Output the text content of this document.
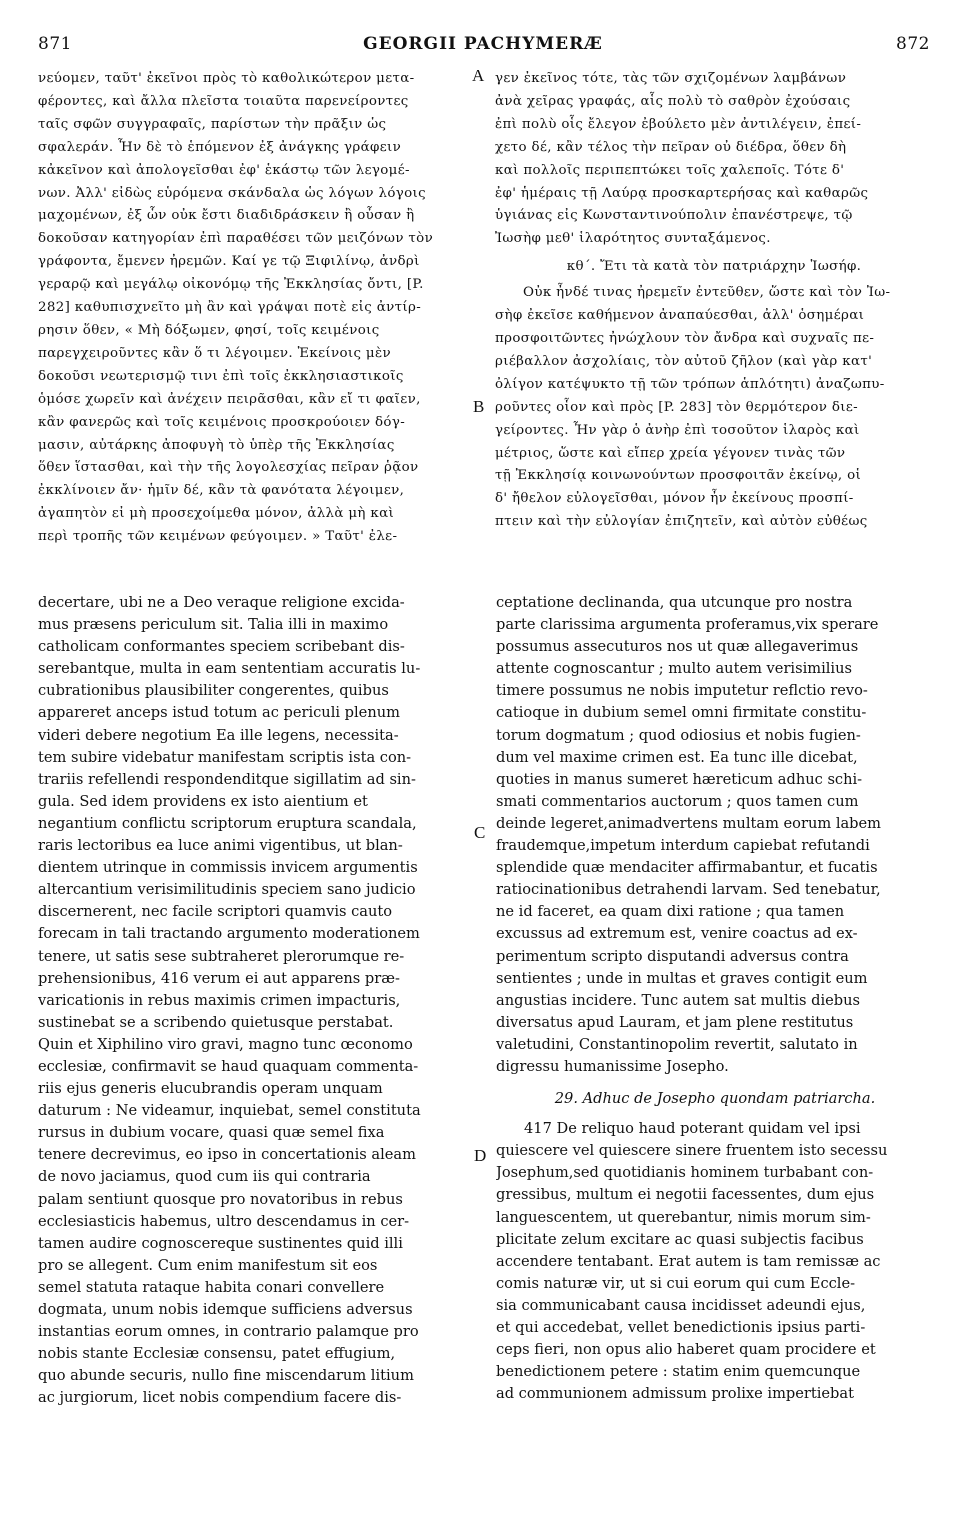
871	GEORGII PACHYMERÆ	872
νεύομεν, ταῦτ' ἐκεῖνοι πρὸς τὸ καθολικώτερον μετα-
φέροντες, καὶ ἄλλα πλεῖστα τοιαῦτα παρενείροντες
ταῖς σφῶν συγγραφαῖς, παρίστων τὴν πρᾶξιν ὡς
σφαλεράν. Ἦν δὲ τὸ ἑπόμενον ἐξ ἀνάγκης γράφειν
κἀκεῖνον καὶ ἀπολογεῖσθαι ἐφ' ἑκάστῳ τῶν λεγομέ-
νων. Ἀλλ' εἰδὼς εὑρόμενα σκάνδαλα ὡς λόγων λόγοις
μαχομένων, ἐξ ὧν οὐκ ἔστι διαδιδράσκειν ἢ οὖσαν ἢ
δοκοῦσαν κατηγορίαν ἐπὶ παραθέσει τῶν μειζόνων τὸν
γράφοντα, ἔμενεν ἠρεμῶν. Καί γε τῷ Ξιφιλίνῳ, ἀνδρὶ
γεραρῷ καὶ μεγάλῳ οἰκονόμῳ τῆς Ἐκκλησίας ὄντι, [P.
282] καθυπισχνεῖτο μὴ ἂν καὶ γράψαι ποτὲ εἰς ἀντίρ-
ρησιν ὅθεν, « Μὴ δόξωμεν, φησί, τοῖς κειμένοις
παρεγχειροῦντες κἂν ὅ τι λέγοιμεν. Ἐκείνοις μὲν
δοκοῦσι νεωτερισμῷ τινι ἐπὶ τοῖς ἐκκλησιαστικοῖς
ὁμόσε χωρεῖν καὶ ἀνέχειν πειρᾶσθαι, κἂν εἴ τι φαῖεν,
κἂν φανερῶς καὶ τοῖς κειμένοις προσκρούοιεν δόγ-
μασιν, αὐτάρκης ἀποφυγὴ τὸ ὑπὲρ τῆς Ἐκκλησίας
ὅθεν ἵστασθαι, καὶ τὴν τῆς λογολεσχίας πεῖραν ῥᾷον
ἐκκλίνοιεν ἄν· ἡμῖν δέ, κἂν τὰ φανότατα λέγοιμεν,
ἀγαπητὸν εἰ μὴ προσεχοίμεθα μόνον, ἀλλὰ μὴ καὶ
περὶ τροπῆς τῶν κειμένων φεύγοιμεν. » Ταῦτ' ἐλε-
γεν ἐκεῖνος τότε, τὰς τῶν σχιζομένων λαμβάνων
ἀνὰ χεῖρας γραφάς, αἷς πολὺ τὸ σαθρὸν ἐχούσαις
ἐπὶ πολὺ οἷς ἔλεγον ἐβούλετο μὲν ἀντιλέγειν, ἐπεί-
χετο δέ, κἂν τέλος τὴν πεῖραν οὐ διέδρα, ὅθεν δὴ
καὶ πολλοῖς περιπεπτώκει τοῖς χαλεποῖς. Τότε δ'
ἐφ' ἡμέραις τῇ Λαύρᾳ προσκαρτερήσας καὶ καθαρῶς
ὑγιάνας εἰς Κωνσταντινούπολιν ἐπανέστρεψε, τῷ
Ἰωσὴφ μεθ' ἱλαρότητος συνταξάμενος.
κθ΄. Ἔτι τὰ κατὰ τὸν πατριάρχην Ἰωσήφ.
Οὐκ ἦνδέ τινας ἠρεμεῖν ἐντεῦθεν, ὥστε καὶ τὸν Ἰω-
σὴφ ἐκεῖσε καθήμενον ἀναπαύεσθαι, ἀλλ' ὁσημέραι
προσφοιτῶντες ἠνώχλουν τὸν ἄνδρα καὶ συχναῖς πε-
ριέβαλλον ἀσχολίαις, τὸν αὐτοῦ ζῆλον (καὶ γὰρ κατ'
ὀλίγον κατέψυκτο τῇ τῶν τρόπων ἁπλότητι) ἀναζωπυ-
ροῦντες οἷον καὶ πρὸς [P. 283] τὸν θερμότερον διε-
γείροντες. Ἦν γὰρ ὁ ἀνὴρ ἐπὶ τοσοῦτον ἱλαρὸς καὶ
μέτριος, ὥστε καὶ εἴπερ χρεία γέγονεν τινὰς τῶν
τῇ Ἐκκλησίᾳ κοινωνούντων προσφοιτᾶν ἐκείνῳ, οἱ
δ' ἤθελον εὐλογεῖσθαι, μόνον ἦν ἐκείνους προσπί-
πτειν καὶ τὴν εὐλογίαν ἐπιζητεῖν, καὶ αὐτὸν εὐθέως
decertare, ubi ne a Deo veraque religione excida-
mus præsens periculum sit. Talia illi in maximo
catholicam conformantes speciem scribebant dis-
serebantque, multa in eam sententiam accuratis lu-
cubrationibus plausibiliter congerentes, quibus
appareret anceps istud totum ac periculi plenum
videri debere negotium Ea ille legens, necessita-
tem subire videbatur manifestam scriptis ista con-
trariis refellendi respondenditque sigillatim ad sin-
gula. Sed idem providens ex isto aientium et
negantium conflictu scriptorum eruptura scandala,
raris lectoribus ea luce animi vigentibus, ut blan-
dientem utrinque in commissis invicem argumentis
altercantium verisimilitudinis speciem sano judicio
discernerent, nec facile scriptori quamvis cauto
forecam in tali tractando argumento moderationem
tenere, ut satis sese subtraheret plerorumque re-
prehensionibus, 416 verum ei aut apparens præ-
varicationis in rebus maximis crimen impacturis,
sustinebat se a scribendo quietusque perstabat.
Quin et Xiphilino viro gravi, magno tunc œconomo
ecclesiæ, confirmavit se haud quaquam commenta-
riis ejus generis elucubrandis operam unquam
daturum : Ne videamur, inquiebat, semel constituta
rursus in dubium vocare, quasi quæ semel fixa
tenere decrevimus, eo ipso in concertationis aleam
de novo jaciamus, quod cum iis qui contraria
palam sentiunt quosque pro novatoribus in rebus
ecclesiasticis habemus, ultro descendamus in cer-
tamen audire cognoscereque sustinentes quid illi
pro se allegent. Cum enim manifestum sit eos
semel statuta rataque habita conari convellere
dogmata, unum nobis idemque sufficiens adversus
instantias eorum omnes, in contrario palamque pro
nobis stante Ecclesiæ consensu, patet effugium,
quo abunde securis, nullo fine miscendarum litium
ac jurgiorum, licet nobis compendium facere dis-
ceptatione declinanda, qua utcunque pro nostra
parte clarissima argumenta proferamus,vix sperare
possumus assecuturos nos ut quæ allegaverimus
attente cognoscantur ; multo autem verisimilius
timere possumus ne nobis imputetur reflctio revo-
catioque in dubium semel omni firmitate constitu-
torum dogmatum ; quod odiosius et nobis fugien-
dum vel maxime crimen est. Ea tunc ille dicebat,
quoties in manus sumeret hæreticum adhuc schi-
smati commentarios auctorum ; quos tamen cum
deinde legeret,animadvertens multam eorum labem
fraudemque,impetum interdum capiebat refutandi
splendide quæ mendaciter affirmabantur, et fucatis
ratiocinationibus detrahendi larvam. Sed tenebatur,
ne id faceret, ea quam dixi ratione ; qua tamen
excussus ad extremum est, venire coactus ad ex-
perimentum scripto disputandi adversus contra
sentientes ; unde in multas et graves contigit eum
angustias incidere. Tunc autem sat multis diebus
diversatus apud Lauram, et jam plene restitutus
valetudini, Constantinopolim revertit, salutato in
digressu humanissime Josepho.
29. Adhuc de Josepho quondam patriarcha.
417 De reliquo haud poterant quidam vel ipsi
quiescere vel quiescere sinere fruentem isto secessu
Josephum,sed quotidianis hominem turbabant con-
gressibus, multum ei negotii facessentes, dum ejus
languescentem, ut querebantur, nimis morum sim-
plicitate zelum excitare ac quasi subjectis facibus
accendere tentabant. Erat autem is tam remissæ ac
comis naturæ vir, ut si cui eorum qui cum Eccle-
sia communicabant causa incidisset adeundi ejus,
et qui accedebat, vellet benedictionis ipsius parti-
ceps fieri, non opus alio haberet quam procidere et
benedictionem petere : statim enim quemcunque
ad communionem admissum prolixe impertiebat
A
B
C
D
